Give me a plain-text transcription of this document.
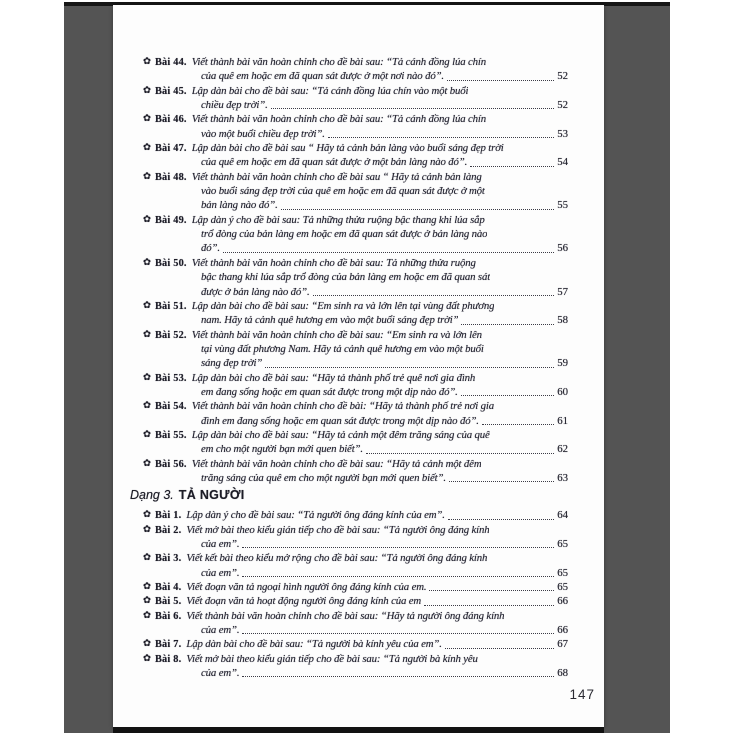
✿ Bài 44. Viết thành bài văn hoàn chỉnh cho đề bài sau: “Tả cánh đồng lúa chín
của quê em hoặc em đã quan sát được ở một nơi nào đó”.	52
✿ Bài 45. Lập dàn bài cho đề bài sau: “Tả cánh đồng lúa chín vào một buổi
chiều đẹp trời”.	52
✿ Bài 46. Viết thành bài văn hoàn chỉnh cho đề bài sau: “Tả cánh đồng lúa chín
vào một buổi chiều đẹp trời”.	53
✿ Bài 47. Lập dàn bài cho đề bài sau “ Hãy tả cảnh bản làng vào buổi sáng đẹp trời
của quê em hoặc em đã quan sát được ở một bản làng nào đó”.	54
✿ Bài 48. Viết thành bài văn hoàn chỉnh cho đề bài sau “ Hãy tả cảnh bản làng
vào buổi sáng đẹp trời của quê em hoặc em đã quan sát được ở một
bản làng nào đó”.	55
✿ Bài 49. Lập dàn ý cho đề bài sau: Tả những thửa ruộng bậc thang khi lúa sắp
trổ đòng của bản làng em hoặc em đã quan sát được ở bản làng nào
đó”.	56
✿ Bài 50. Viết thành bài văn hoàn chỉnh cho đề bài sau: Tả những thửa ruộng
bậc thang khi lúa sắp trổ đòng của bản làng em hoặc em đã quan sát
được ở bản làng nào đó”.	57
✿ Bài 51. Lập dàn bài cho đề bài sau: “Em sinh ra và lớn lên tại vùng đất phương
nam. Hãy tả cảnh quê hương em vào một buổi sáng đẹp trời”	58
✿ Bài 52. Viết thành bài văn hoàn chỉnh cho đề bài sau: “Em sinh ra và lớn lên
tại vùng đất phương Nam. Hãy tả cảnh quê hương em vào một buổi
sáng đẹp trời”	59
✿ Bài 53. Lập dàn bài cho đề bài sau: “Hãy tả thành phố trẻ quê nơi gia đình
em đang sống hoặc em quan sát được trong một dịp nào đó”.	60
✿ Bài 54. Viết thành bài văn hoàn chỉnh cho đề bài: “Hãy tả thành phố trẻ nơi gia
đình em đang sống hoặc em quan sát được trong một dịp nào đó”.	61
✿ Bài 55. Lập dàn bài cho đề bài sau: “Hãy tả cảnh một đêm trăng sáng của quê
em cho một người bạn mới quen biết”.	62
✿ Bài 56. Viết thành bài văn hoàn chỉnh cho đề bài sau: “Hãy tả cảnh một đêm
trăng sáng của quê em cho một người bạn mới quen biết”.	63
Dạng 3. TẢ NGƯỜI
✿ Bài 1. Lập dàn ý cho đề bài sau: “Tả người ông đáng kính của em”.	64
✿ Bài 2. Viết mở bài theo kiểu gián tiếp cho đề bài sau: “Tả người ông đáng kính
của em”.	65
✿ Bài 3. Viết kết bài theo kiểu mở rộng cho đề bài sau: “Tả người ông đáng kính
của em”.	65
✿ Bài 4. Viết đoạn văn tả ngoại hình người ông đáng kính của em.	65
✿ Bài 5. Viết đoạn văn tả hoạt động người ông đáng kính của em	66
✿ Bài 6. Viết thành bài văn hoàn chỉnh cho đề bài sau: “Hãy tả người ông đáng kính
của em”.	66
✿ Bài 7. Lập dàn bài cho đề bài sau: “Tả người bà kính yêu của em”.	67
✿ Bài 8. Viết mở bài theo kiểu gián tiếp cho đề bài sau: “Tả người bà kính yêu
của em”.	68
147
